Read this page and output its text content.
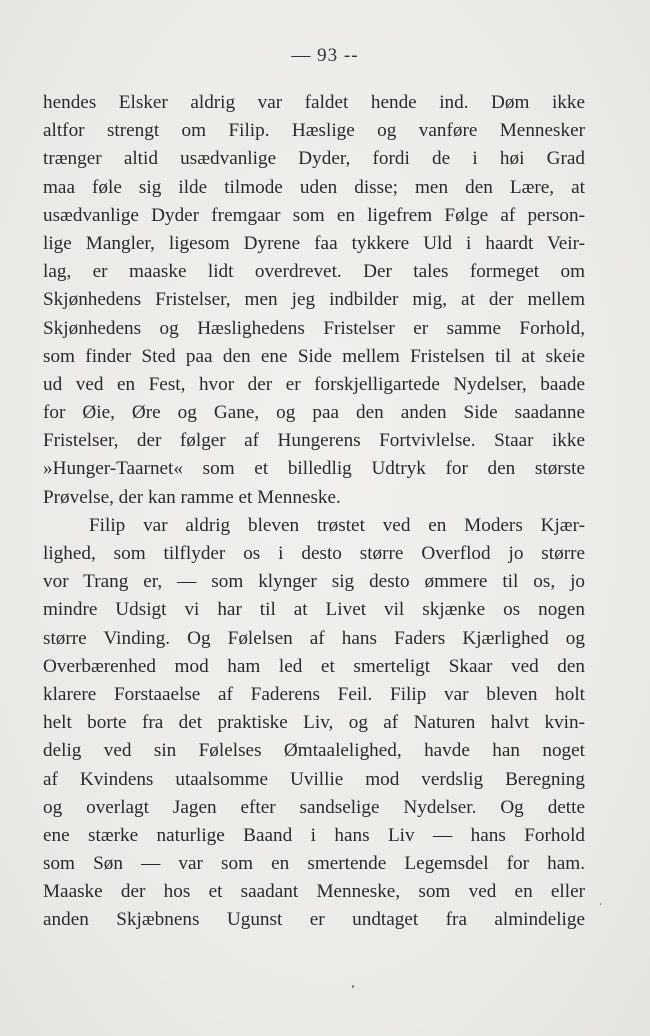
— 93 --
hendes Elsker aldrig var faldet hende ind. Døm ikke
altfor strengt om Filip. Hæslige og vanføre Mennesker
trænger altid usædvanlige Dyder, fordi de i høi Grad
maa føle sig ilde tilmode uden disse; men den Lære, at
usædvanlige Dyder fremgaar som en ligefrem Følge af person-
lige Mangler, ligesom Dyrene faa tykkere Uld i haardt Veir-
lag, er maaske lidt overdrevet. Der tales formeget om
Skjønhedens Fristelser, men jeg indbilder mig, at der mellem
Skjønhedens og Hæslighedens Fristelser er samme Forhold,
som finder Sted paa den ene Side mellem Fristelsen til at skeie
ud ved en Fest, hvor der er forskjelligartede Nydelser, baade
for Øie, Øre og Gane, og paa den anden Side saadanne
Fristelser, der følger af Hungerens Fortvivlelse. Staar ikke
»Hunger-Taarnet« som et billedlig Udtryk for den største
Prøvelse, der kan ramme et Menneske.
Filip var aldrig bleven trøstet ved en Moders Kjær-
lighed, som tilflyder os i desto større Overflod jo større
vor Trang er, — som klynger sig desto ømmere til os, jo
mindre Udsigt vi har til at Livet vil skjænke os nogen
større Vinding. Og Følelsen af hans Faders Kjærlighed og
Overbærenhed mod ham led et smerteligt Skaar ved den
klarere Forstaaelse af Faderens Feil. Filip var bleven holt
helt borte fra det praktiske Liv, og af Naturen halvt kvin-
delig ved sin Følelses Ømtaalelighed, havde han noget
af Kvindens utaalsomme Uvillie mod verdslig Beregning
og overlagt Jagen efter sandselige Nydelser. Og dette
ene stærke naturlige Baand i hans Liv — hans Forhold
som Søn — var som en smertende Legemsdel for ham.
Maaske der hos et saadant Menneske, som ved en eller
anden Skjæbnens Ugunst er undtaget fra almindelige
